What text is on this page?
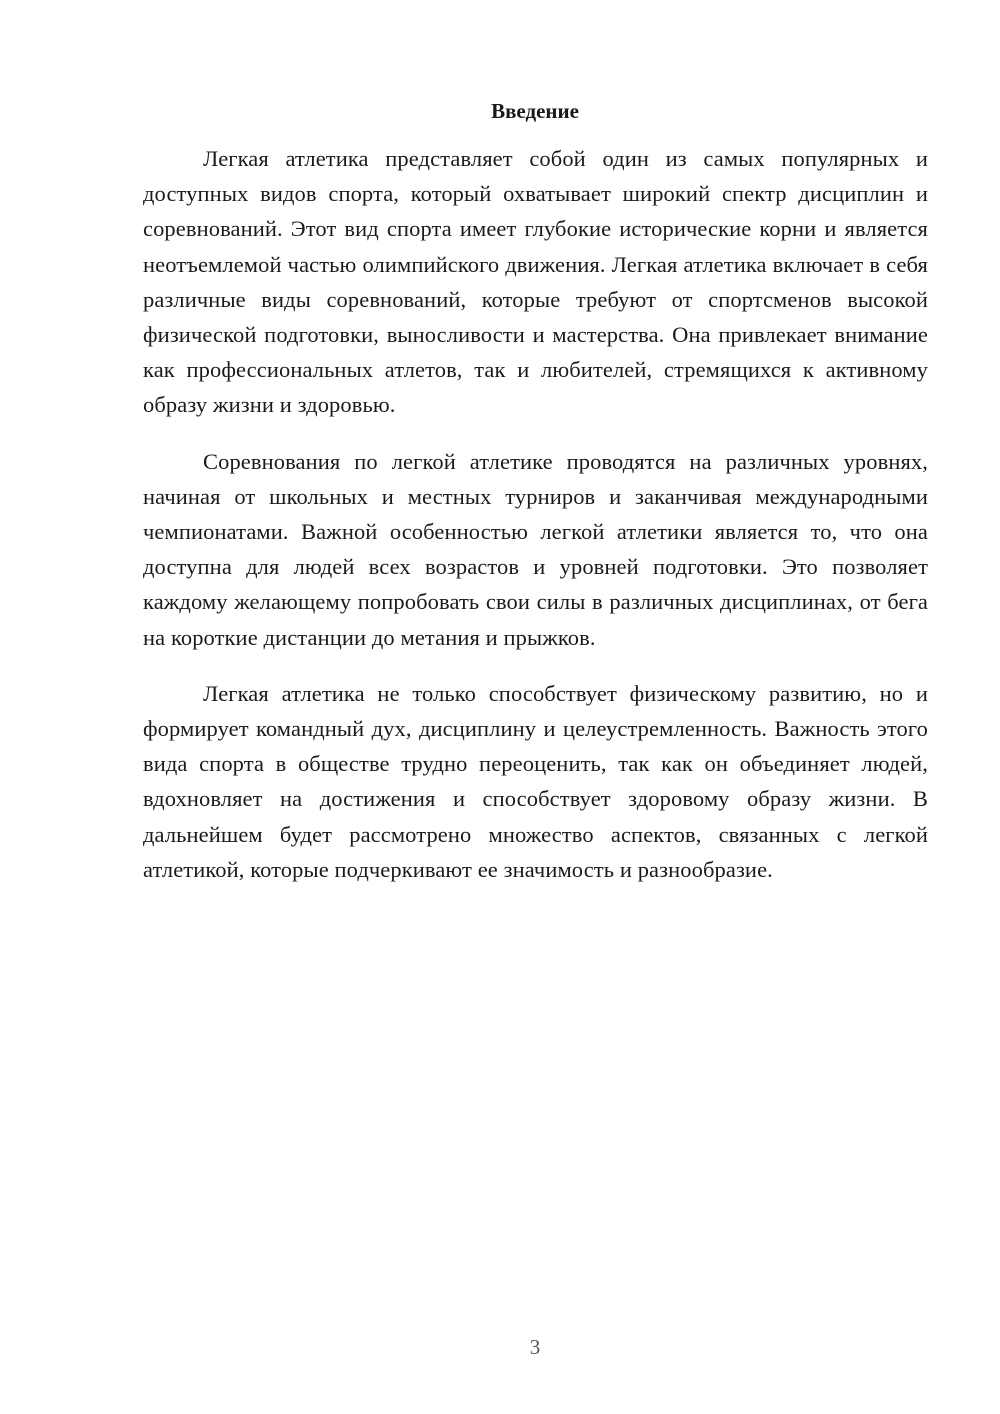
Введение

Легкая атлетика представляет собой один из самых популярных и доступных видов спорта, который охватывает широкий спектр дисциплин и соревнований. Этот вид спорта имеет глубокие исторические корни и является неотъемлемой частью олимпийского движения. Легкая атлетика включает в себя различные виды соревнований, которые требуют от спортсменов высокой физической подготовки, выносливости и мастерства. Она привлекает внимание как профессиональных атлетов, так и любителей, стремящихся к активному образу жизни и здоровью.

Соревнования по легкой атлетике проводятся на различных уровнях, начиная от школьных и местных турниров и заканчивая международными чемпионатами. Важной особенностью легкой атлетики является то, что она доступна для людей всех возрастов и уровней подготовки. Это позволяет каждому желающему попробовать свои силы в различных дисциплинах, от бега на короткие дистанции до метания и прыжков.

Легкая атлетика не только способствует физическому развитию, но и формирует командный дух, дисциплину и целеустремленность. Важность этого вида спорта в обществе трудно переоценить, так как он объединяет людей, вдохновляет на достижения и способствует здоровому образу жизни. В дальнейшем будет рассмотрено множество аспектов, связанных с легкой атлетикой, которые подчеркивают ее значимость и разнообразие.

3
